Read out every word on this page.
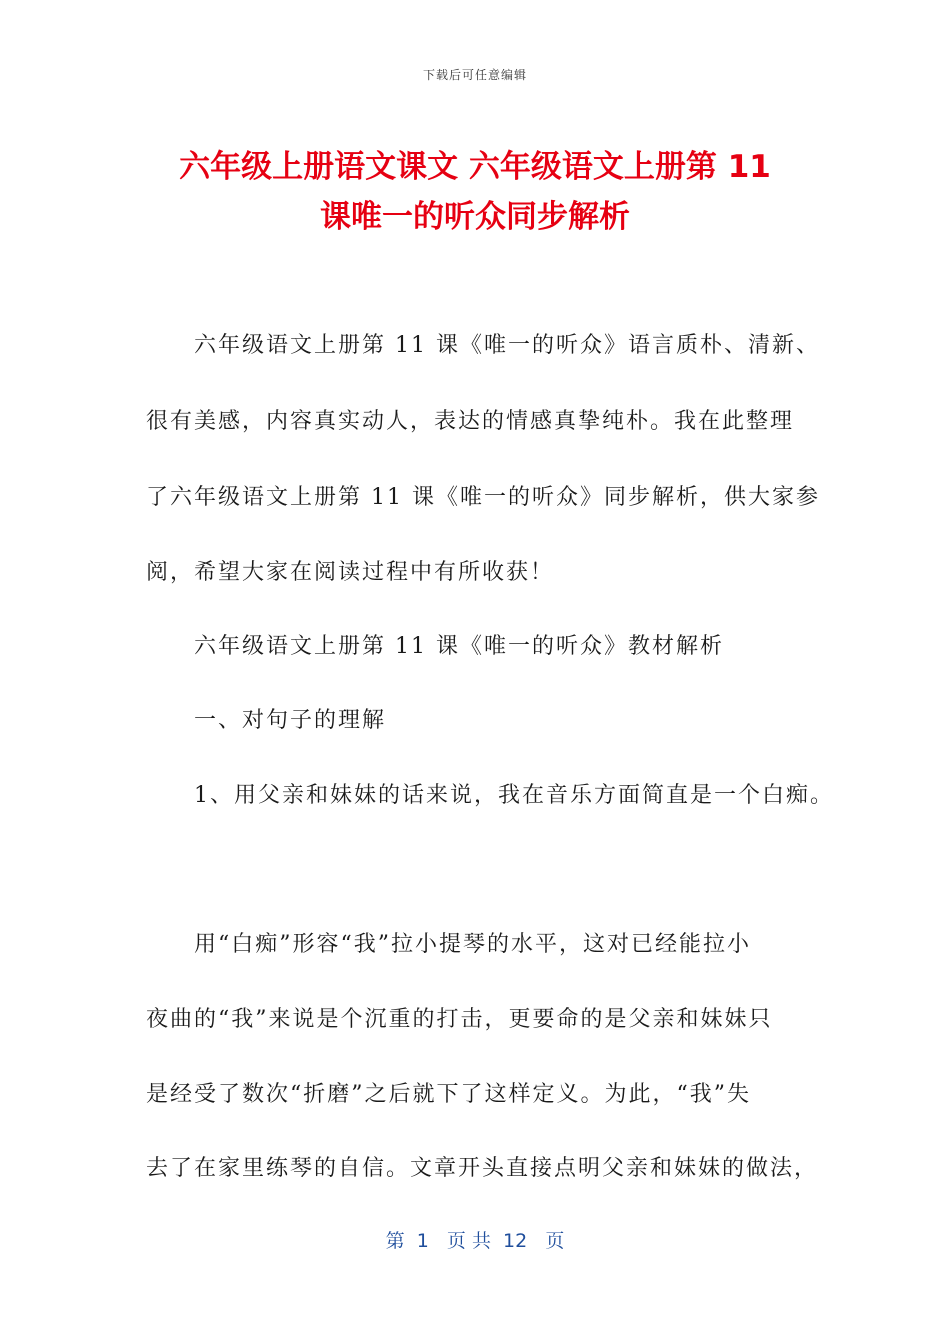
下载后可任意编辑
六年级上册语文课文 六年级语文上册第 11
课唯一的听众同步解析
　　六年级语文上册第 11 课《唯一的听众》语言质朴、清新、
很有美感，内容真实动人，表达的情感真挚纯朴。我在此整理
了六年级语文上册第 11 课《唯一的听众》同步解析，供大家参
阅，希望大家在阅读过程中有所收获！
　　六年级语文上册第 11 课《唯一的听众》教材解析
　　一、对句子的理解
　　1、用父亲和妹妹的话来说，我在音乐方面简直是一个白痴。
　　用“白痴”形容“我”拉小提琴的水平，这对已经能拉小
夜曲的“我”来说是个沉重的打击，更要命的是父亲和妹妹只
是经受了数次“折磨”之后就下了这样定义。为此，“我”失
去了在家里练琴的自信。文章开头直接点明父亲和妹妹的做法，
第  1   页 共  12   页
